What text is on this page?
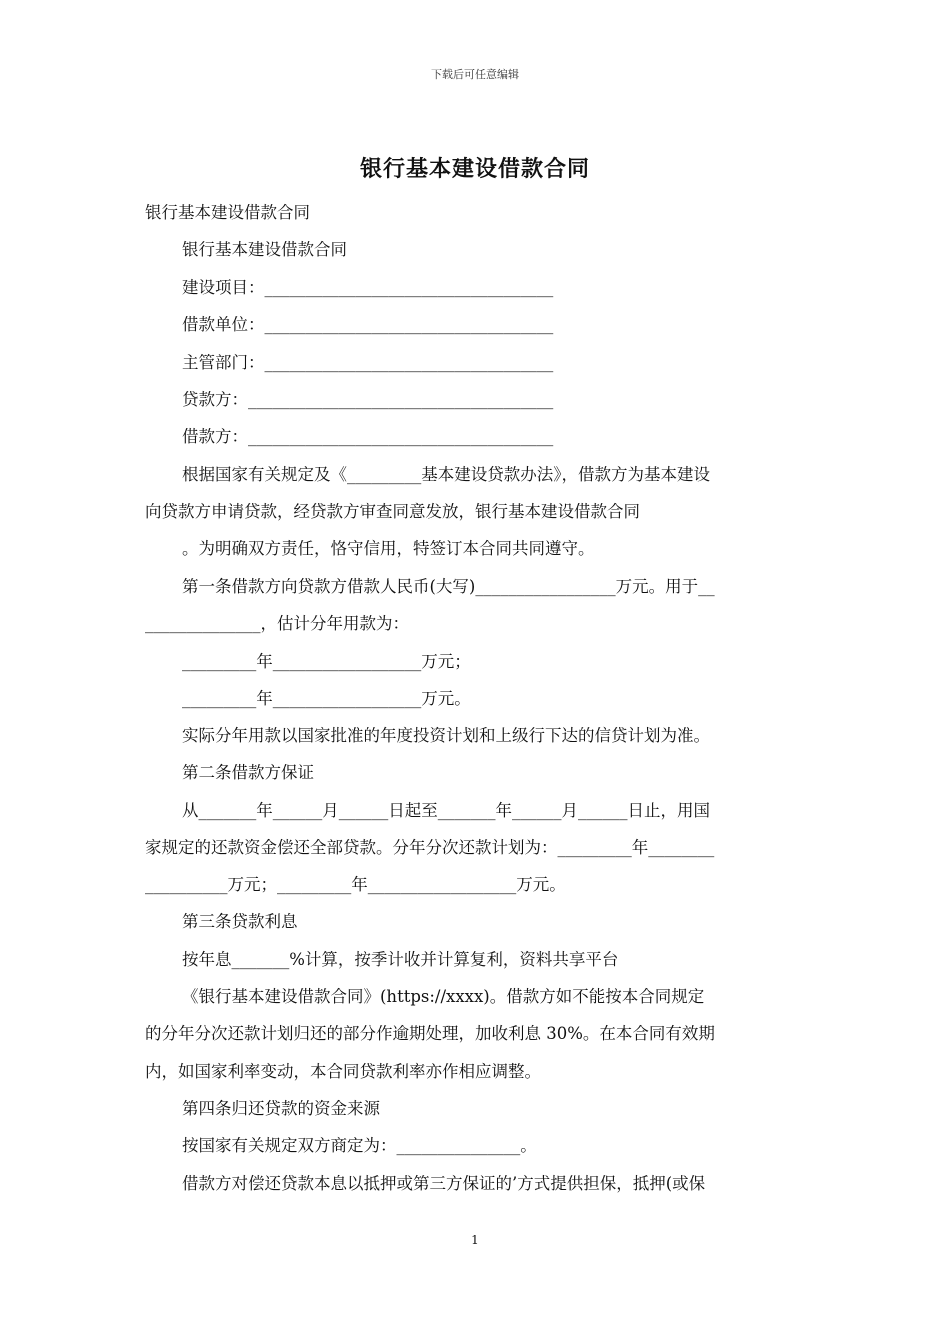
下载后可任意编辑
银行基本建设借款合同
银行基本建设借款合同
银行基本建设借款合同
建设项目：___________________________________
借款单位：___________________________________
主管部门：___________________________________
贷款方：_____________________________________
借款方：_____________________________________
根据国家有关规定及《_________基本建设贷款办法》，借款方为基本建设
向贷款方申请贷款，经贷款方审查同意发放，银行基本建设借款合同
。为明确双方责任，恪守信用，特签订本合同共同遵守。
第一条借款方向贷款方借款人民币(大写)_________________万元。用于__
______________，估计分年用款为：
_________年__________________万元；
_________年__________________万元。
实际分年用款以国家批准的年度投资计划和上级行下达的信贷计划为准。
第二条借款方保证
从_______年______月______日起至_______年______月______日止，用国
家规定的还款资金偿还全部贷款。分年分次还款计划为：_________年________
__________万元；_________年__________________万元。
第三条贷款利息
按年息_______%计算，按季计收并计算复利，资料共享平台
《银行基本建设借款合同》(https://xxxx)。借款方如不能按本合同规定
的分年分次还款计划归还的部分作逾期处理，加收利息 30%。在本合同有效期
内，如国家利率变动，本合同贷款利率亦作相应调整。
第四条归还贷款的资金来源
按国家有关规定双方商定为：_______________。
借款方对偿还贷款本息以抵押或第三方保证的’方式提供担保，抵押(或保
1
